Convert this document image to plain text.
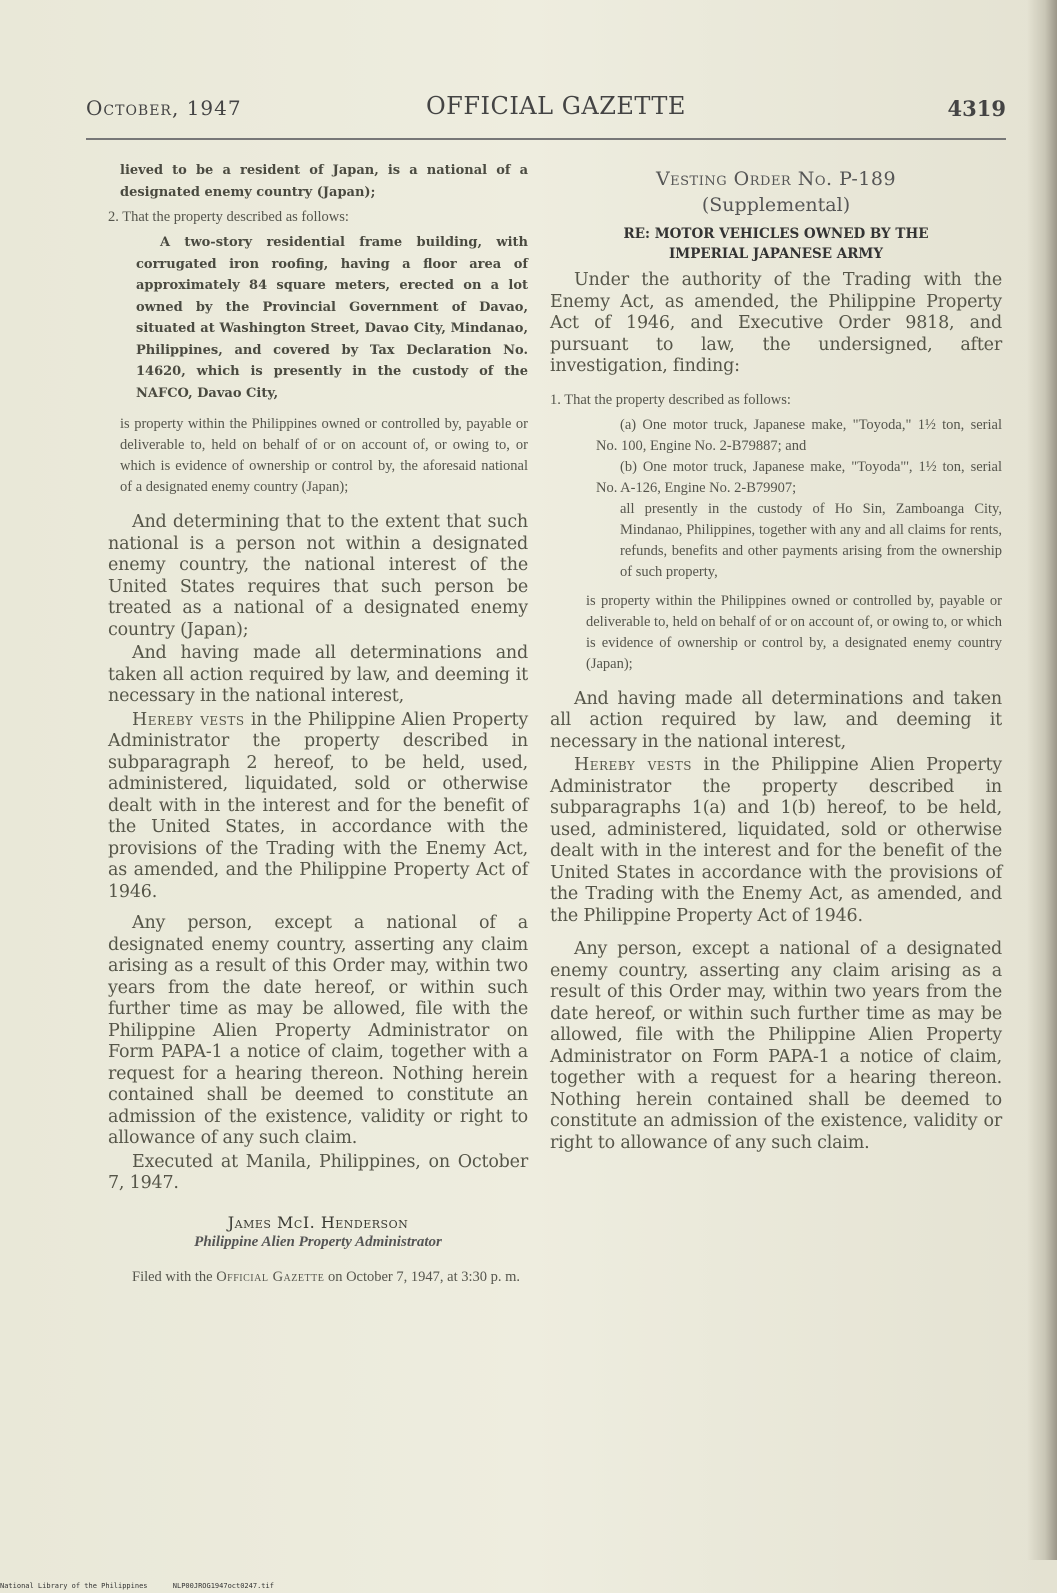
October, 1947	OFFICIAL GAZETTE	4319

lieved to be a resident of Japan, is a national of a designated enemy country (Japan);

2. That the property described as follows:

A two-story residential frame building, with corrugated iron roofing, having a floor area of approximately 84 square meters, erected on a lot owned by the Provincial Government of Davao, situated at Washington Street, Davao City, Mindanao, Philippines, and covered by Tax Declaration No. 14620, which is presently in the custody of the NAFCO, Davao City,

is property within the Philippines owned or controlled by, payable or deliverable to, held on behalf of or on account of, or owing to, or which is evidence of ownership or control by, the aforesaid national of a designated enemy country (Japan);

And determining that to the extent that such national is a person not within a designated enemy country, the national interest of the United States requires that such person be treated as a national of a designated enemy country (Japan);

And having made all determinations and taken all action required by law, and deeming it necessary in the national interest,

Hereby vests in the Philippine Alien Property Administrator the property described in subparagraph 2 hereof, to be held, used, administered, liquidated, sold or otherwise dealt with in the interest and for the benefit of the United States, in accordance with the provisions of the Trading with the Enemy Act, as amended, and the Philippine Property Act of 1946.

Any person, except a national of a designated enemy country, asserting any claim arising as a result of this Order may, within two years from the date hereof, or within such further time as may be allowed, file with the Philippine Alien Property Administrator on Form PAPA-1 a notice of claim, together with a request for a hearing thereon. Nothing herein contained shall be deemed to constitute an admission of the existence, validity or right to allowance of any such claim.

Executed at Manila, Philippines, on October 7, 1947.

James McI. Henderson

Philippine Alien Property Administrator

Filed with the Official Gazette on October 7, 1947, at 3:30 p. m.

Vesting Order No. P-189

(Supplemental)

RE: MOTOR VEHICLES OWNED BY THE

IMPERIAL JAPANESE ARMY

Under the authority of the Trading with the Enemy Act, as amended, the Philippine Property Act of 1946, and Executive Order 9818, and pursuant to law, the undersigned, after investigation, finding:

1. That the property described as follows:

(a) One motor truck, Japanese make, "Toyoda," 1½ ton, serial No. 100, Engine No. 2-B79887; and

(b) One motor truck, Japanese make, "Toyoda"', 1½ ton, serial No. A-126, Engine No. 2-B79907;

all presently in the custody of Ho Sin, Zamboanga City, Mindanao, Philippines, together with any and all claims for rents, refunds, benefits and other payments arising from the ownership of such property,

is property within the Philippines owned or controlled by, payable or deliverable to, held on behalf of or on account of, or owing to, or which is evidence of ownership or control by, a designated enemy country (Japan);

And having made all determinations and taken all action required by law, and deeming it necessary in the national interest,

Hereby vests in the Philippine Alien Property Administrator the property described in subparagraphs 1(a) and 1(b) hereof, to be held, used, administered, liquidated, sold or otherwise dealt with in the interest and for the benefit of the United States in accordance with the provisions of the Trading with the Enemy Act, as amended, and the Philippine Property Act of 1946.

Any person, except a national of a designated enemy country, asserting any claim arising as a result of this Order may, within two years from the date hereof, or within such further time as may be allowed, file with the Philippine Alien Property Administrator on Form PAPA-1 a notice of claim, together with a request for a hearing thereon. Nothing herein contained shall be deemed to constitute an admission of the existence, validity or right to allowance of any such claim.

National Library of the Philippines      NLP00JROG1947oct0247.tif
